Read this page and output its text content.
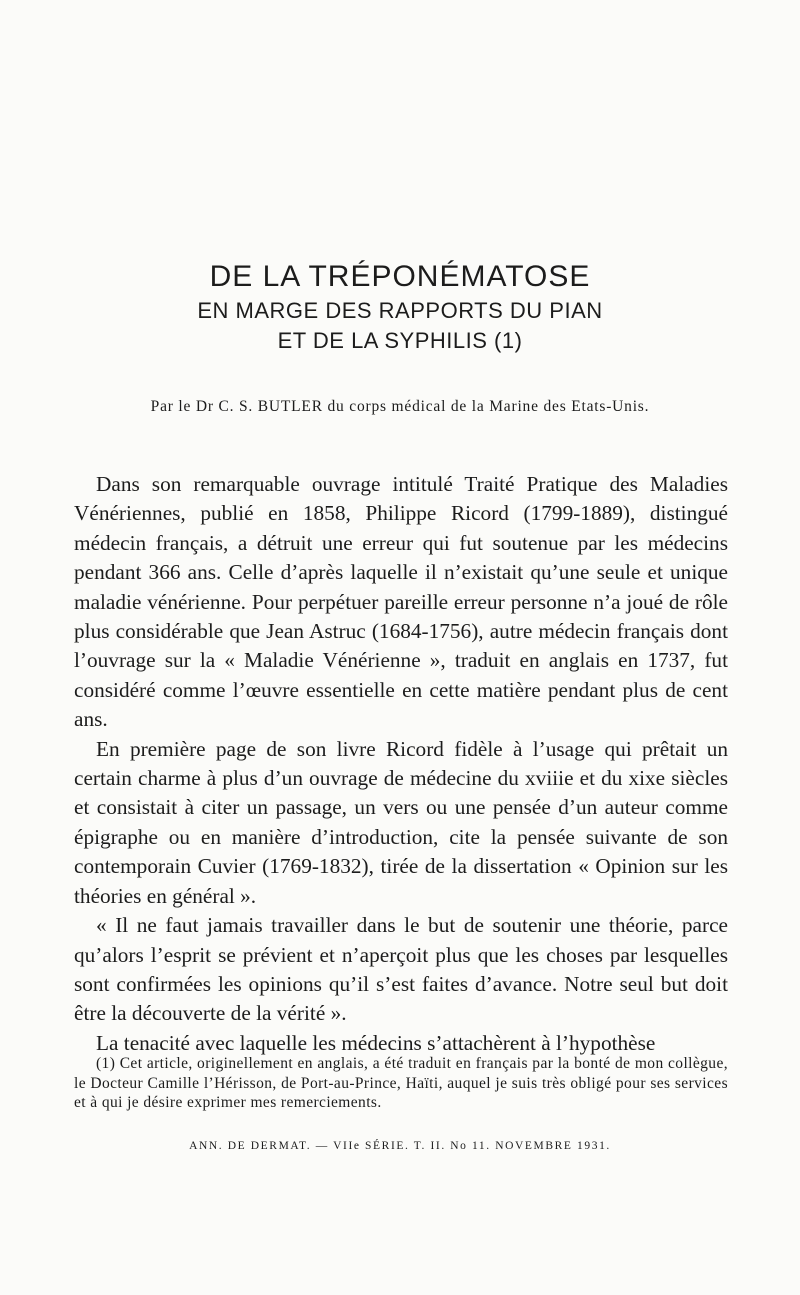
DE LA TRÉPONÉMATOSE
EN MARGE DES RAPPORTS DU PIAN
ET DE LA SYPHILIS (1)
Par le Dr C. S. BUTLER du corps médical de la Marine des Etats-Unis.

Dans son remarquable ouvrage intitulé Traité Pratique des Maladies Vénériennes, publié en 1858, Philippe Ricord (1799-1889), distingué médecin français, a détruit une erreur qui fut soutenue par les médecins pendant 366 ans. Celle d’après laquelle il n’existait qu’une seule et unique maladie vénérienne. Pour perpétuer pareille erreur personne n’a joué de rôle plus considérable que Jean Astruc (1684-1756), autre médecin français dont l’ouvrage sur la « Maladie Vénérienne », traduit en anglais en 1737, fut considéré comme l’œuvre essentielle en cette matière pendant plus de cent ans.

En première page de son livre Ricord fidèle à l’usage qui prêtait un certain charme à plus d’un ouvrage de médecine du xviiie et du xixe siècles et consistait à citer un passage, un vers ou une pensée d’un auteur comme épigraphe ou en manière d’introduction, cite la pensée suivante de son contemporain Cuvier (1769-1832), tirée de la dissertation « Opinion sur les théories en général ».

« Il ne faut jamais travailler dans le but de soutenir une théorie, parce qu’alors l’esprit se prévient et n’aperçoit plus que les choses par lesquelles sont confirmées les opinions qu’il s’est faites d’avance. Notre seul but doit être la découverte de la vérité ».

La tenacité avec laquelle les médecins s’attachèrent à l’hypothèse

(1) Cet article, originellement en anglais, a été traduit en français par la bonté de mon collègue, le Docteur Camille l’Hérisson, de Port-au-Prince, Haïti, auquel je suis très obligé pour ses services et à qui je désire exprimer mes remerciements.

ANN. DE DERMAT. — VIIe SÉRIE. T. II. No 11. NOVEMBRE 1931.
